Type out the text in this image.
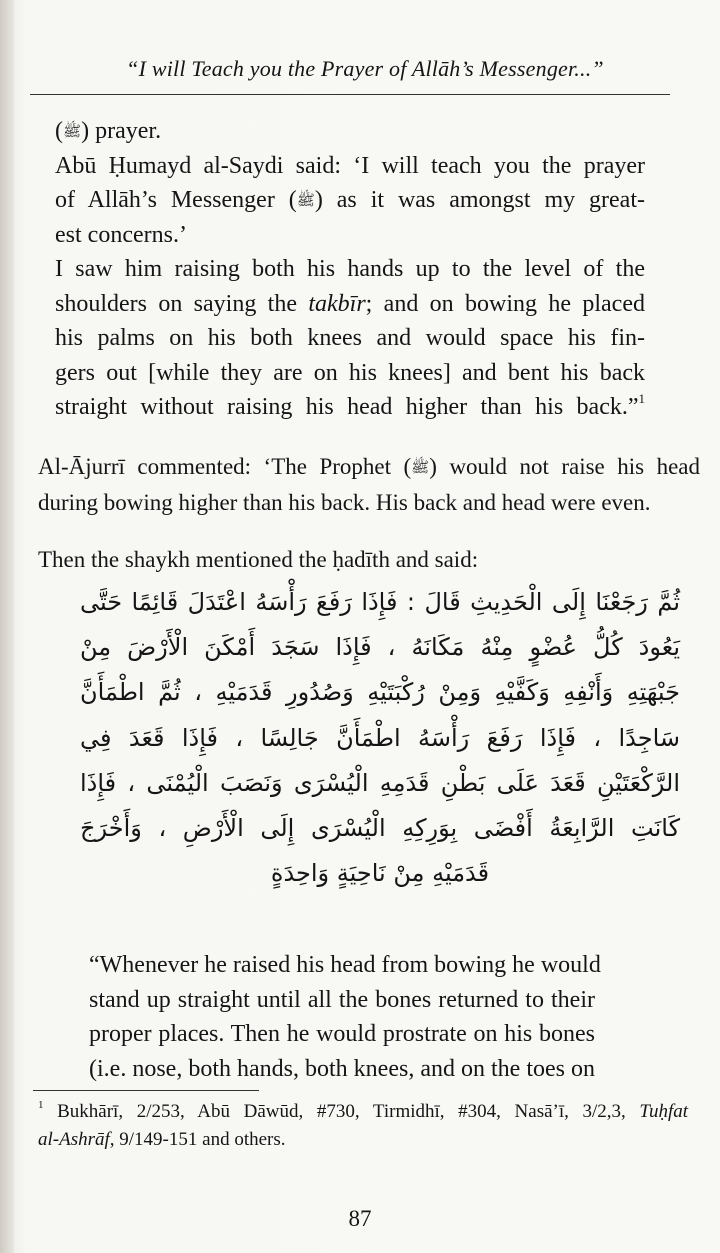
“I will Teach you the Prayer of Allāh’s Messenger...”
(ﷺ) prayer.
Abū Ḥumayd al-Saydi said: ‘I will teach you the prayer
of Allāh’s Messenger (ﷺ) as it was amongst my great-
est concerns.’
I saw him raising both his hands up to the level of the
shoulders on saying the takbīr; and on bowing he placed
his palms on his both knees and would space his fin-
gers out [while they are on his knees] and bent his back
straight without raising his head higher than his back.”$^1$
Al-Ājurrī commented: ‘The Prophet (ﷺ) would not raise his head
during bowing higher than his back. His back and head were even.
Then the shaykh mentioned the ḥadīth and said:
ثُمَّ رَجَعْنَا إِلَى الْحَدِيثِ قَالَ : فَإِذَا رَفَعَ رَأْسَهُ اعْتَدَلَ قَائِمًا حَتَّى
يَعُودَ كُلُّ عُضْوٍ مِنْهُ مَكَانَهُ ، فَإِذَا سَجَدَ أَمْكَنَ الْأَرْضَ مِنْ
جَبْهَتِهِ وَأَنْفِهِ وَكَفَّيْهِ وَمِنْ رُكْبَتَيْهِ وَصُدُورِ قَدَمَيْهِ ، ثُمَّ اطْمَأَنَّ
سَاجِدًا ، فَإِذَا رَفَعَ رَأْسَهُ اطْمَأَنَّ جَالِسًا ، فَإِذَا قَعَدَ فِي
الرَّكْعَتَيْنِ قَعَدَ عَلَى بَطْنِ قَدَمِهِ الْيُسْرَى وَنَصَبَ الْيُمْنَى ، فَإِذَا
كَانَتِ الرَّابِعَةُ أَفْضَى بِوَرِكِهِ الْيُسْرَى إِلَى الْأَرْضِ ، وَأَخْرَجَ
قَدَمَيْهِ مِنْ نَاحِيَةٍ وَاحِدَةٍ
“Whenever he raised his head from bowing he would
stand up straight until all the bones returned to their
proper places. Then he would prostrate on his bones
(i.e. nose, both hands, both knees, and on the toes on
$^1$ Bukhārī, 2/253, Abū Dāwūd, #730, Tirmidhī, #304, Nasā’ī, 3/2,3, Tuḥfat
al-Ashrāf, 9/149-151 and others.
87
